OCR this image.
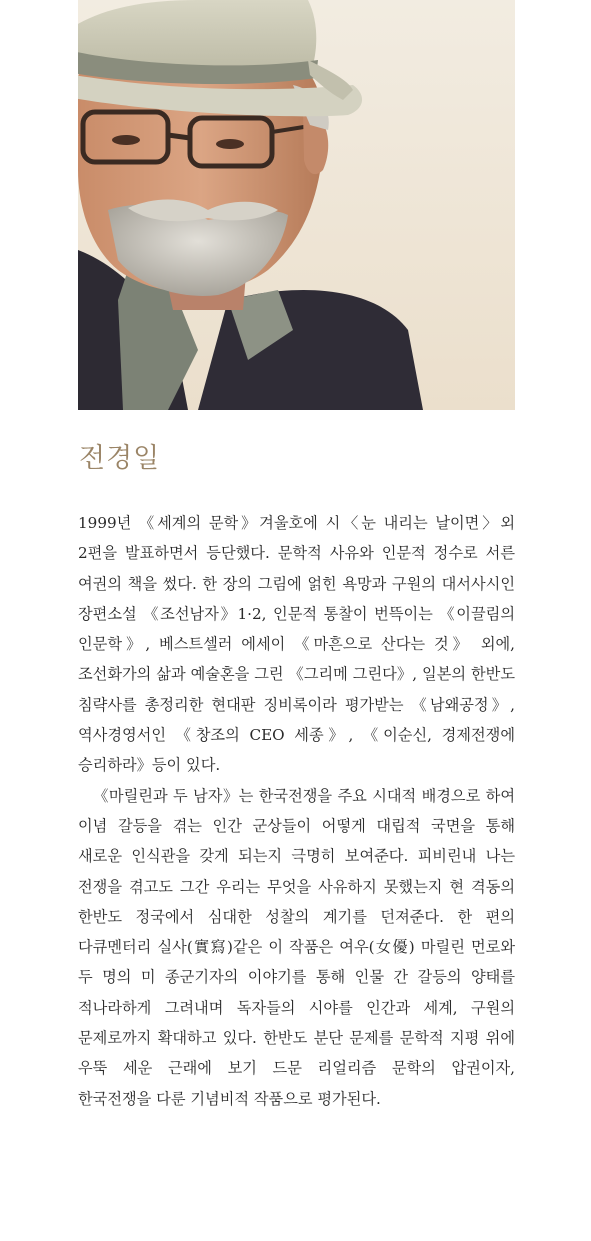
전경일

1999년 《세계의 문학》겨울호에 시〈눈 내리는 날이면〉외 2편을 발표하면서 등단했다. 문학적 사유와 인문적 정수로 서른 여권의 책을 썼다. 한 장의 그림에 얽힌 욕망과 구원의 대서사시인 장편소설 《조선남자》1·2, 인문적 통찰이 번뜩이는 《이끌림의 인문학》, 베스트셀러 에세이 《마흔으로 산다는 것》 외에, 조선화가의 삶과 예술혼을 그린 《그리메 그린다》, 일본의 한반도 침략사를 총정리한 현대판 징비록이라 평가받는 《남왜공정》, 역사경영서인 《창조의 CEO 세종》, 《이순신, 경제전쟁에 승리하라》등이 있다.

《마릴린과 두 남자》는 한국전쟁을 주요 시대적 배경으로 하여 이념 갈등을 겪는 인간 군상들이 어떻게 대립적 국면을 통해 새로운 인식관을 갖게 되는지 극명히 보여준다. 피비린내 나는 전쟁을 겪고도 그간 우리는 무엇을 사유하지 못했는지 현 격동의 한반도 정국에서 심대한 성찰의 계기를 던져준다. 한 편의 다큐멘터리 실사(實寫)같은 이 작품은 여우(女優) 마릴린 먼로와 두 명의 미 종군기자의 이야기를 통해 인물 간 갈등의 양태를 적나라하게 그려내며 독자들의 시야를 인간과 세계, 구원의 문제로까지 확대하고 있다. 한반도 분단 문제를 문학적 지평 위에 우뚝 세운 근래에 보기 드문 리얼리즘 문학의 압권이자, 한국전쟁을 다룬 기념비적 작품으로 평가된다.
